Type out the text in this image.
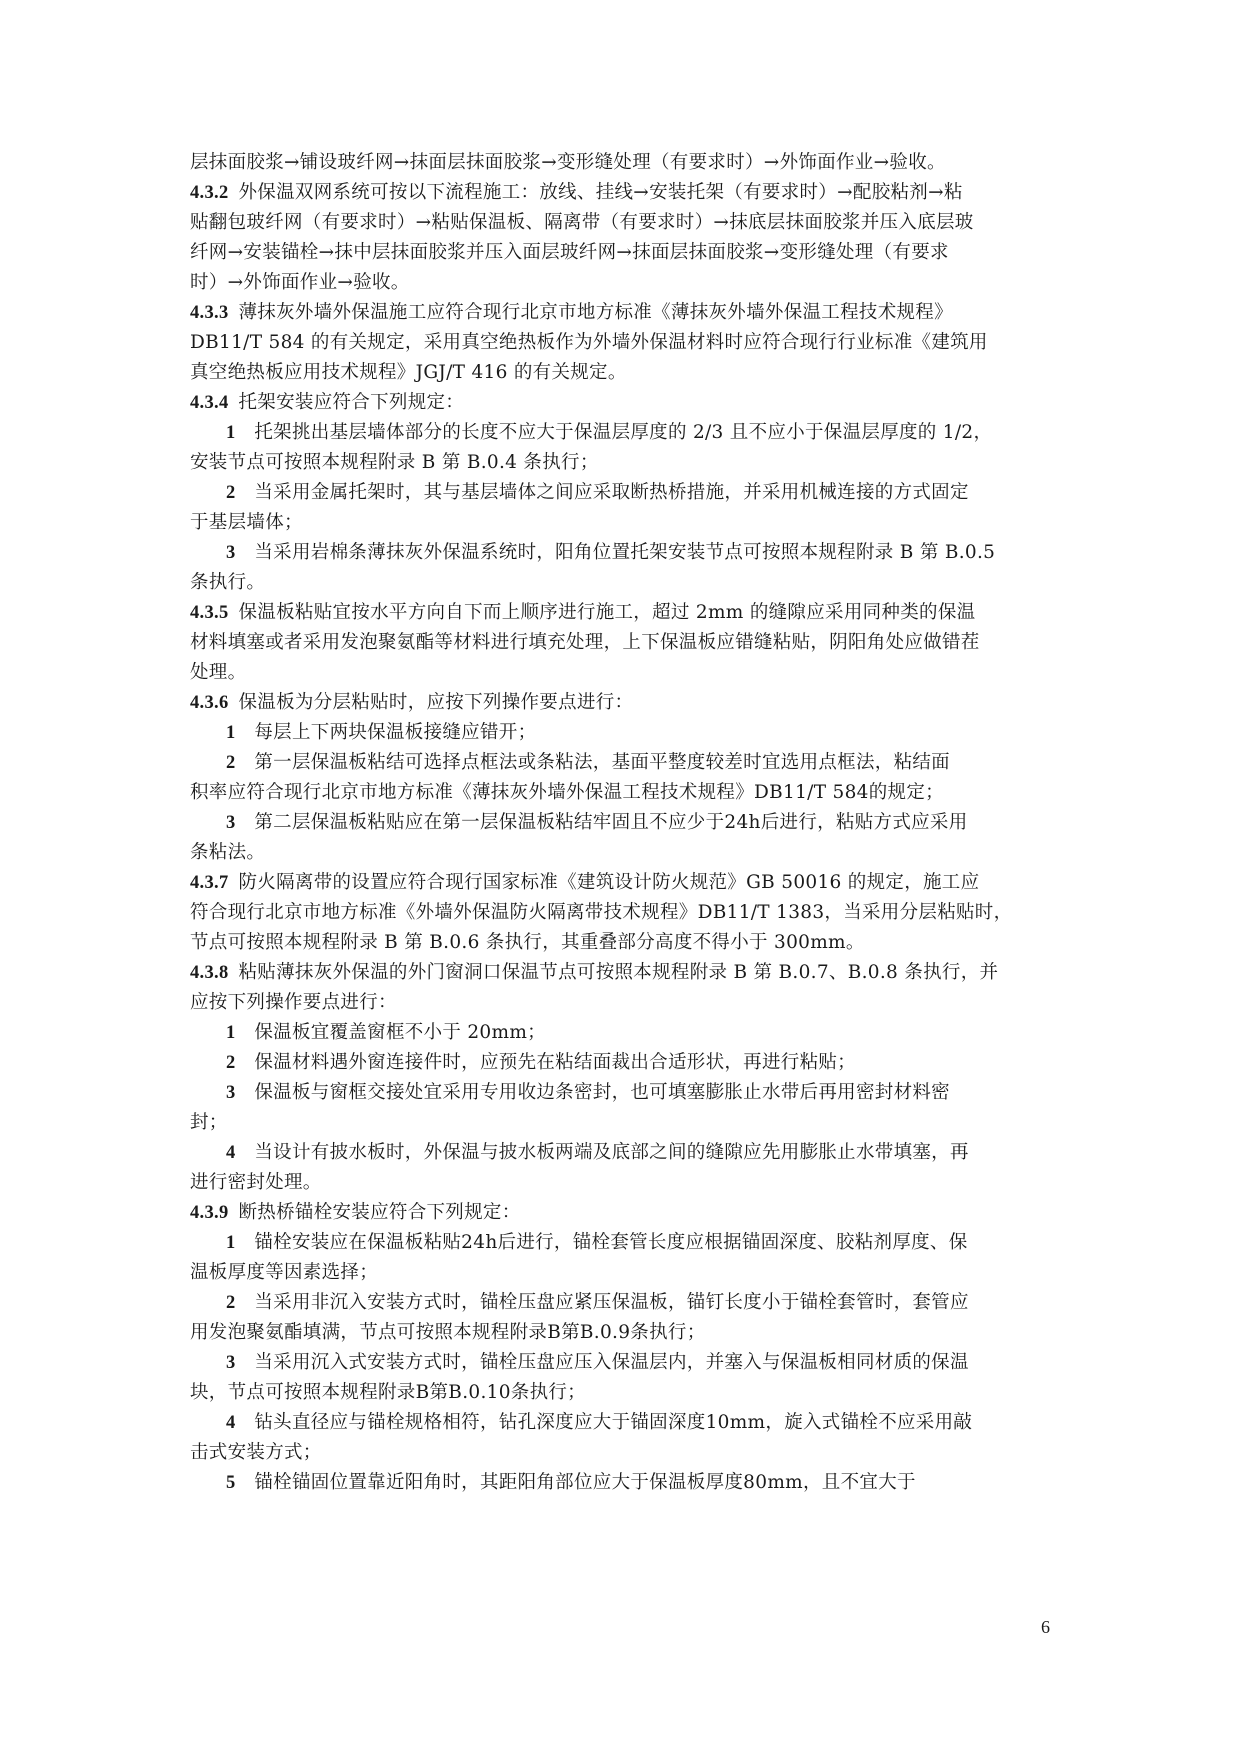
层抹面胶浆→铺设玻纤网→抹面层抹面胶浆→变形缝处理（有要求时）→外饰面作业→验收。
4.3.2 外保温双网系统可按以下流程施工：放线、挂线→安装托架（有要求时）→配胶粘剂→粘
贴翻包玻纤网（有要求时）→粘贴保温板、隔离带（有要求时）→抹底层抹面胶浆并压入底层玻
纤网→安装锚栓→抹中层抹面胶浆并压入面层玻纤网→抹面层抹面胶浆→变形缝处理（有要求
时）→外饰面作业→验收。
4.3.3 薄抹灰外墙外保温施工应符合现行北京市地方标准《薄抹灰外墙外保温工程技术规程》
DB11/T 584 的有关规定，采用真空绝热板作为外墙外保温材料时应符合现行行业标准《建筑用
真空绝热板应用技术规程》JGJ/T 416 的有关规定。
4.3.4 托架安装应符合下列规定：
1  托架挑出基层墙体部分的长度不应大于保温层厚度的 2/3 且不应小于保温层厚度的 1/2，
安装节点可按照本规程附录 B 第 B.0.4 条执行；
2  当采用金属托架时，其与基层墙体之间应采取断热桥措施，并采用机械连接的方式固定
于基层墙体；
3  当采用岩棉条薄抹灰外保温系统时，阳角位置托架安装节点可按照本规程附录 B 第 B.0.5
条执行。
4.3.5 保温板粘贴宜按水平方向自下而上顺序进行施工，超过 2mm 的缝隙应采用同种类的保温
材料填塞或者采用发泡聚氨酯等材料进行填充处理，上下保温板应错缝粘贴，阴阳角处应做错茬
处理。
4.3.6 保温板为分层粘贴时，应按下列操作要点进行：
1  每层上下两块保温板接缝应错开；
2  第一层保温板粘结可选择点框法或条粘法，基面平整度较差时宜选用点框法，粘结面
积率应符合现行北京市地方标准《薄抹灰外墙外保温工程技术规程》DB11/T 584的规定；
3  第二层保温板粘贴应在第一层保温板粘结牢固且不应少于24h后进行，粘贴方式应采用
条粘法。
4.3.7 防火隔离带的设置应符合现行国家标准《建筑设计防火规范》GB 50016 的规定，施工应
符合现行北京市地方标准《外墙外保温防火隔离带技术规程》DB11/T 1383，当采用分层粘贴时，
节点可按照本规程附录 B 第 B.0.6 条执行，其重叠部分高度不得小于 300mm。
4.3.8 粘贴薄抹灰外保温的外门窗洞口保温节点可按照本规程附录 B 第 B.0.7、B.0.8 条执行，并
应按下列操作要点进行：
1  保温板宜覆盖窗框不小于 20mm；
2  保温材料遇外窗连接件时，应预先在粘结面裁出合适形状，再进行粘贴；
3  保温板与窗框交接处宜采用专用收边条密封，也可填塞膨胀止水带后再用密封材料密
封；
4  当设计有披水板时，外保温与披水板两端及底部之间的缝隙应先用膨胀止水带填塞，再
进行密封处理。
4.3.9 断热桥锚栓安装应符合下列规定：
1  锚栓安装应在保温板粘贴24h后进行，锚栓套管长度应根据锚固深度、胶粘剂厚度、保
温板厚度等因素选择；
2  当采用非沉入安装方式时，锚栓压盘应紧压保温板，锚钉长度小于锚栓套管时，套管应
用发泡聚氨酯填满，节点可按照本规程附录B第B.0.9条执行；
3  当采用沉入式安装方式时，锚栓压盘应压入保温层内，并塞入与保温板相同材质的保温
块，节点可按照本规程附录B第B.0.10条执行；
4  钻头直径应与锚栓规格相符，钻孔深度应大于锚固深度10mm，旋入式锚栓不应采用敲
击式安装方式；
5  锚栓锚固位置靠近阳角时，其距阳角部位应大于保温板厚度80mm，且不宜大于
6
